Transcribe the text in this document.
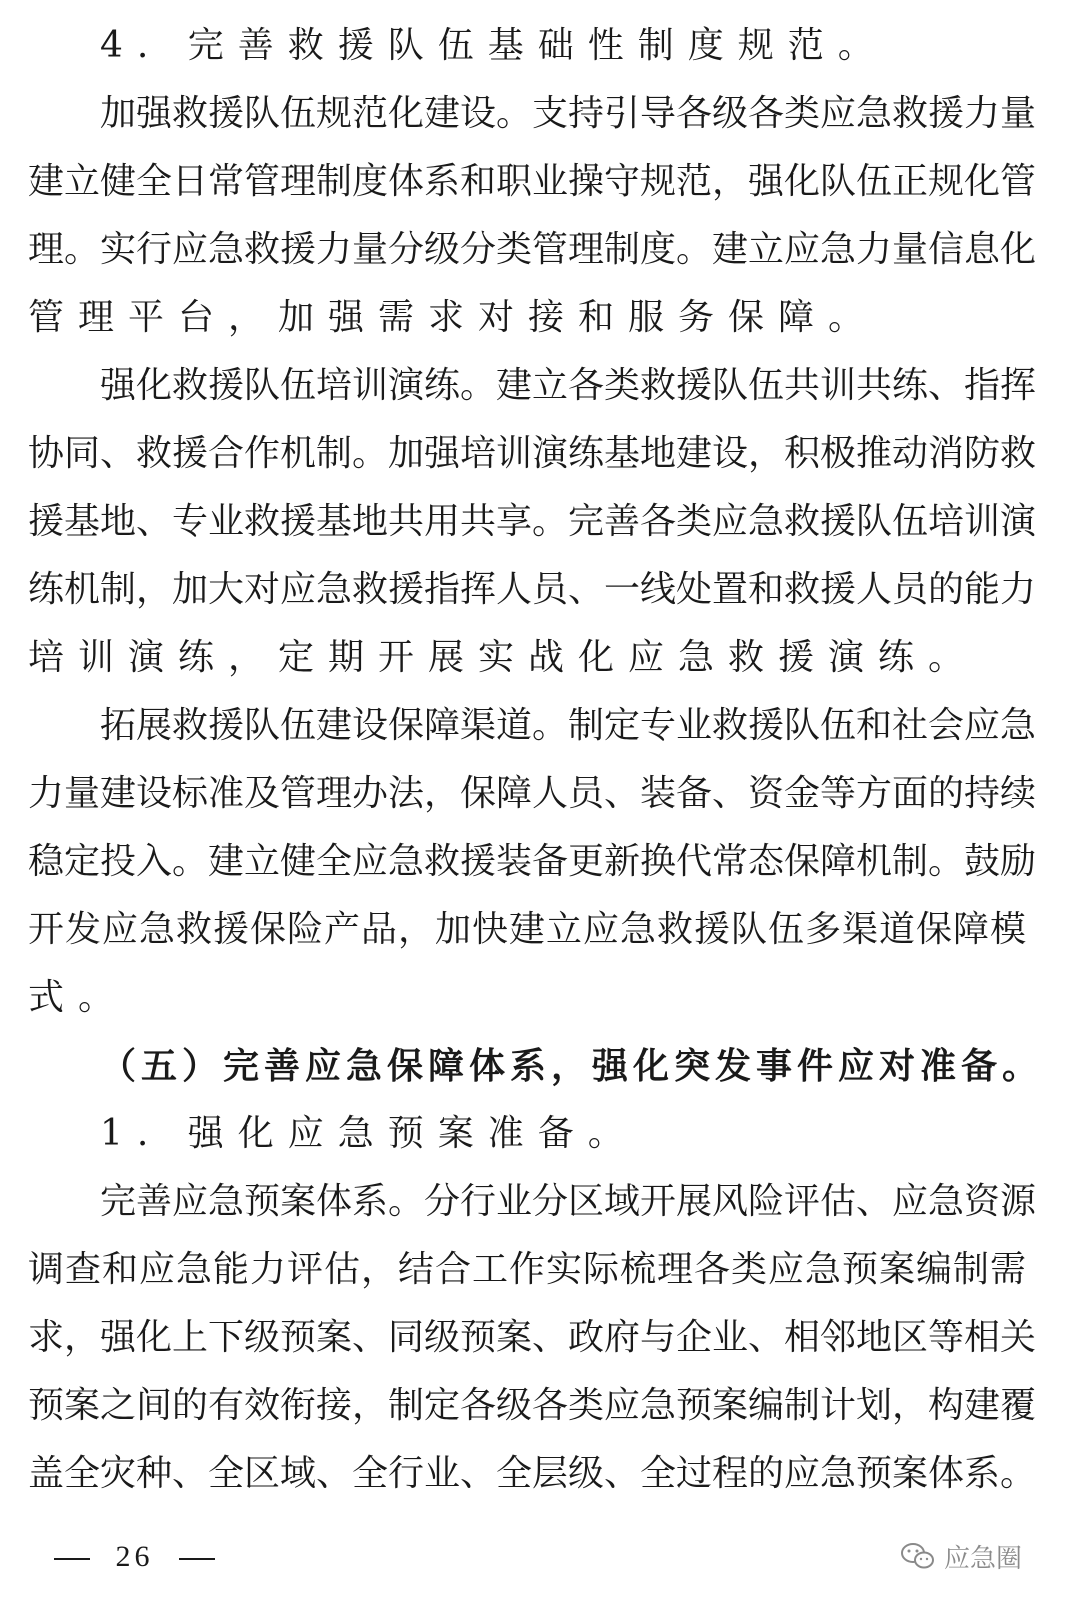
4. 完善救援队伍基础性制度规范。
加强救援队伍规范化建设。支持引导各级各类应急救援力量
建立健全日常管理制度体系和职业操守规范，强化队伍正规化管
理。实行应急救援力量分级分类管理制度。建立应急力量信息化
管理平台，加强需求对接和服务保障。
强化救援队伍培训演练。建立各类救援队伍共训共练、指挥
协同、救援合作机制。加强培训演练基地建设，积极推动消防救
援基地、专业救援基地共用共享。完善各类应急救援队伍培训演
练机制，加大对应急救援指挥人员、一线处置和救援人员的能力
培训演练，定期开展实战化应急救援演练。
拓展救援队伍建设保障渠道。制定专业救援队伍和社会应急
力量建设标准及管理办法，保障人员、装备、资金等方面的持续
稳定投入。建立健全应急救援装备更新换代常态保障机制。鼓励
开发应急救援保险产品，加快建立应急救援队伍多渠道保障模
式。
（五）完善应急保障体系，强化突发事件应对准备。
1. 强化应急预案准备。
完善应急预案体系。分行业分区域开展风险评估、应急资源
调查和应急能力评估，结合工作实际梳理各类应急预案编制需
求，强化上下级预案、同级预案、政府与企业、相邻地区等相关
预案之间的有效衔接，制定各级各类应急预案编制计划，构建覆
盖全灾种、全区域、全行业、全层级、全过程的应急预案体系。
26	应急圈
